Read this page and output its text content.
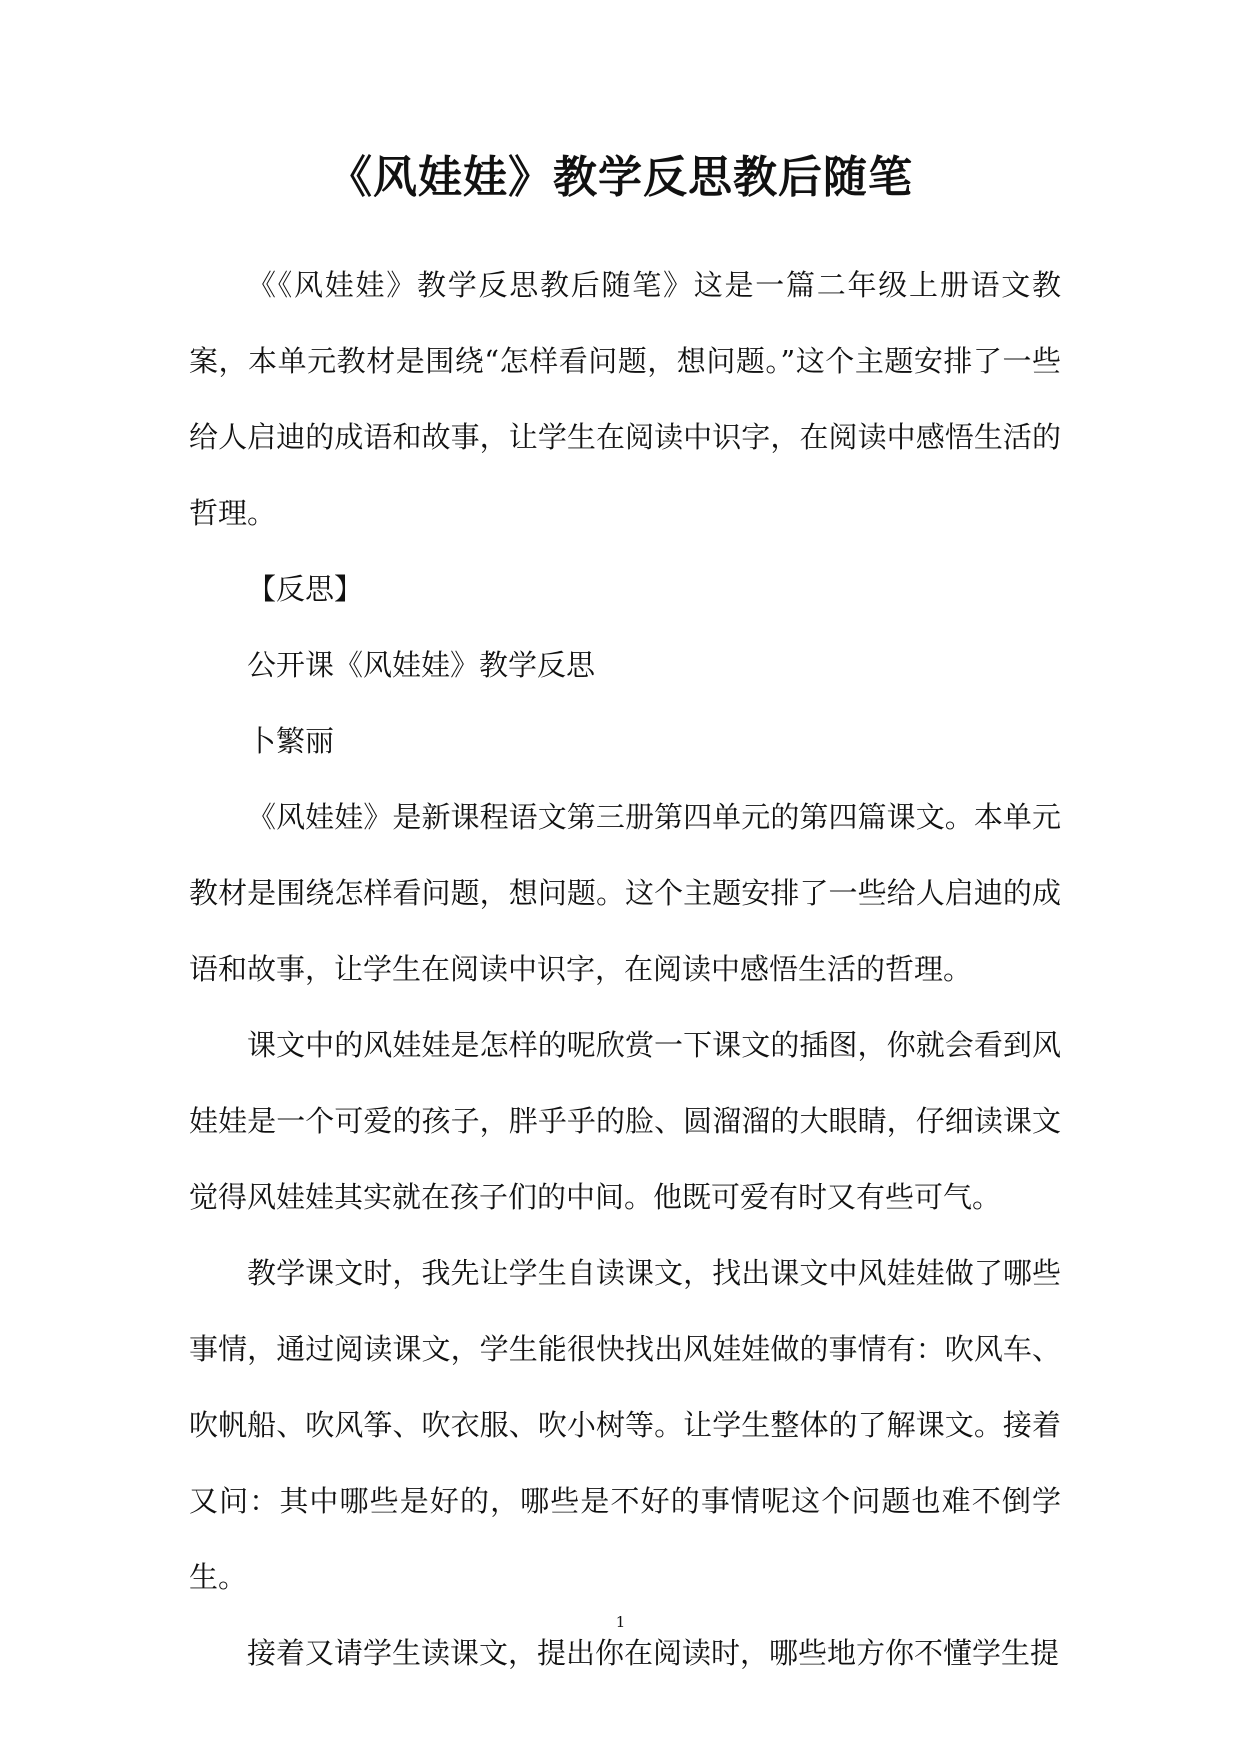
《风娃娃》教学反思教后随笔

《《风娃娃》教学反思教后随笔》这是一篇二年级上册语文教案，本单元教材是围绕“怎样看问题，想问题。”这个主题安排了一些给人启迪的成语和故事，让学生在阅读中识字，在阅读中感悟生活的哲理。

【反思】

公开课《风娃娃》教学反思

卜繁丽

《风娃娃》是新课程语文第三册第四单元的第四篇课文。本单元教材是围绕怎样看问题，想问题。这个主题安排了一些给人启迪的成语和故事，让学生在阅读中识字，在阅读中感悟生活的哲理。

课文中的风娃娃是怎样的呢欣赏一下课文的插图，你就会看到风娃娃是一个可爱的孩子，胖乎乎的脸、圆溜溜的大眼睛，仔细读课文觉得风娃娃其实就在孩子们的中间。他既可爱有时又有些可气。

教学课文时，我先让学生自读课文，找出课文中风娃娃做了哪些事情，通过阅读课文，学生能很快找出风娃娃做的事情有：吹风车、吹帆船、吹风筝、吹衣服、吹小树等。让学生整体的了解课文。接着又问：其中哪些是好的，哪些是不好的事情呢这个问题也难不倒学生。

接着又请学生读课文，提出你在阅读时，哪些地方你不懂学生提

1
